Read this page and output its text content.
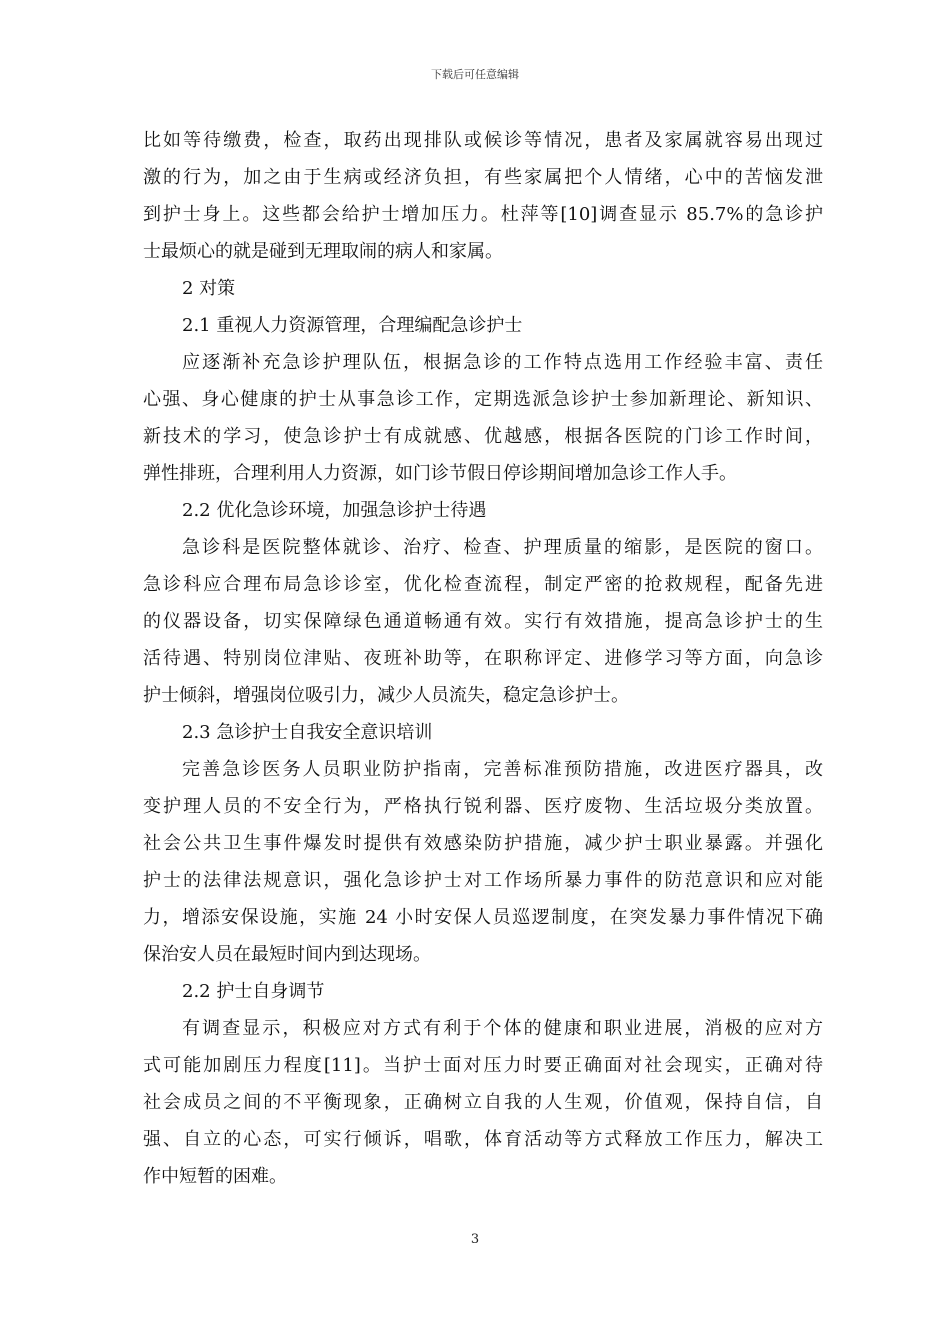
下载后可任意编辑
比如等待缴费，检查，取药出现排队或候诊等情况，患者及家属就容易出现过
激的行为，加之由于生病或经济负担，有些家属把个人情绪，心中的苦恼发泄
到护士身上。这些都会给护士增加压力。杜萍等[10]调查显示 85.7%的急诊护
士最烦心的就是碰到无理取闹的病人和家属。
2 对策
2.1 重视人力资源管理，合理编配急诊护士
应逐渐补充急诊护理队伍，根据急诊的工作特点选用工作经验丰富、责任
心强、身心健康的护士从事急诊工作，定期选派急诊护士参加新理论、新知识、
新技术的学习，使急诊护士有成就感、优越感，根据各医院的门诊工作时间，
弹性排班，合理利用人力资源，如门诊节假日停诊期间增加急诊工作人手。
2.2 优化急诊环境，加强急诊护士待遇
急诊科是医院整体就诊、治疗、检查、护理质量的缩影，是医院的窗口。
急诊科应合理布局急诊诊室，优化检查流程，制定严密的抢救规程，配备先进
的仪器设备，切实保障绿色通道畅通有效。实行有效措施，提高急诊护士的生
活待遇、特别岗位津贴、夜班补助等，在职称评定、进修学习等方面，向急诊
护士倾斜，增强岗位吸引力，减少人员流失，稳定急诊护士。
2.3 急诊护士自我安全意识培训
完善急诊医务人员职业防护指南，完善标准预防措施，改进医疗器具，改
变护理人员的不安全行为，严格执行锐利器、医疗废物、生活垃圾分类放置。
社会公共卫生事件爆发时提供有效感染防护措施，减少护士职业暴露。并强化
护士的法律法规意识，强化急诊护士对工作场所暴力事件的防范意识和应对能
力，增添安保设施，实施 24 小时安保人员巡逻制度，在突发暴力事件情况下确
保治安人员在最短时间内到达现场。
2.2 护士自身调节
有调查显示，积极应对方式有利于个体的健康和职业进展，消极的应对方
式可能加剧压力程度[11]。当护士面对压力时要正确面对社会现实，正确对待
社会成员之间的不平衡现象，正确树立自我的人生观，价值观，保持自信，自
强、自立的心态，可实行倾诉，唱歌，体育活动等方式释放工作压力，解决工
作中短暂的困难。
3
